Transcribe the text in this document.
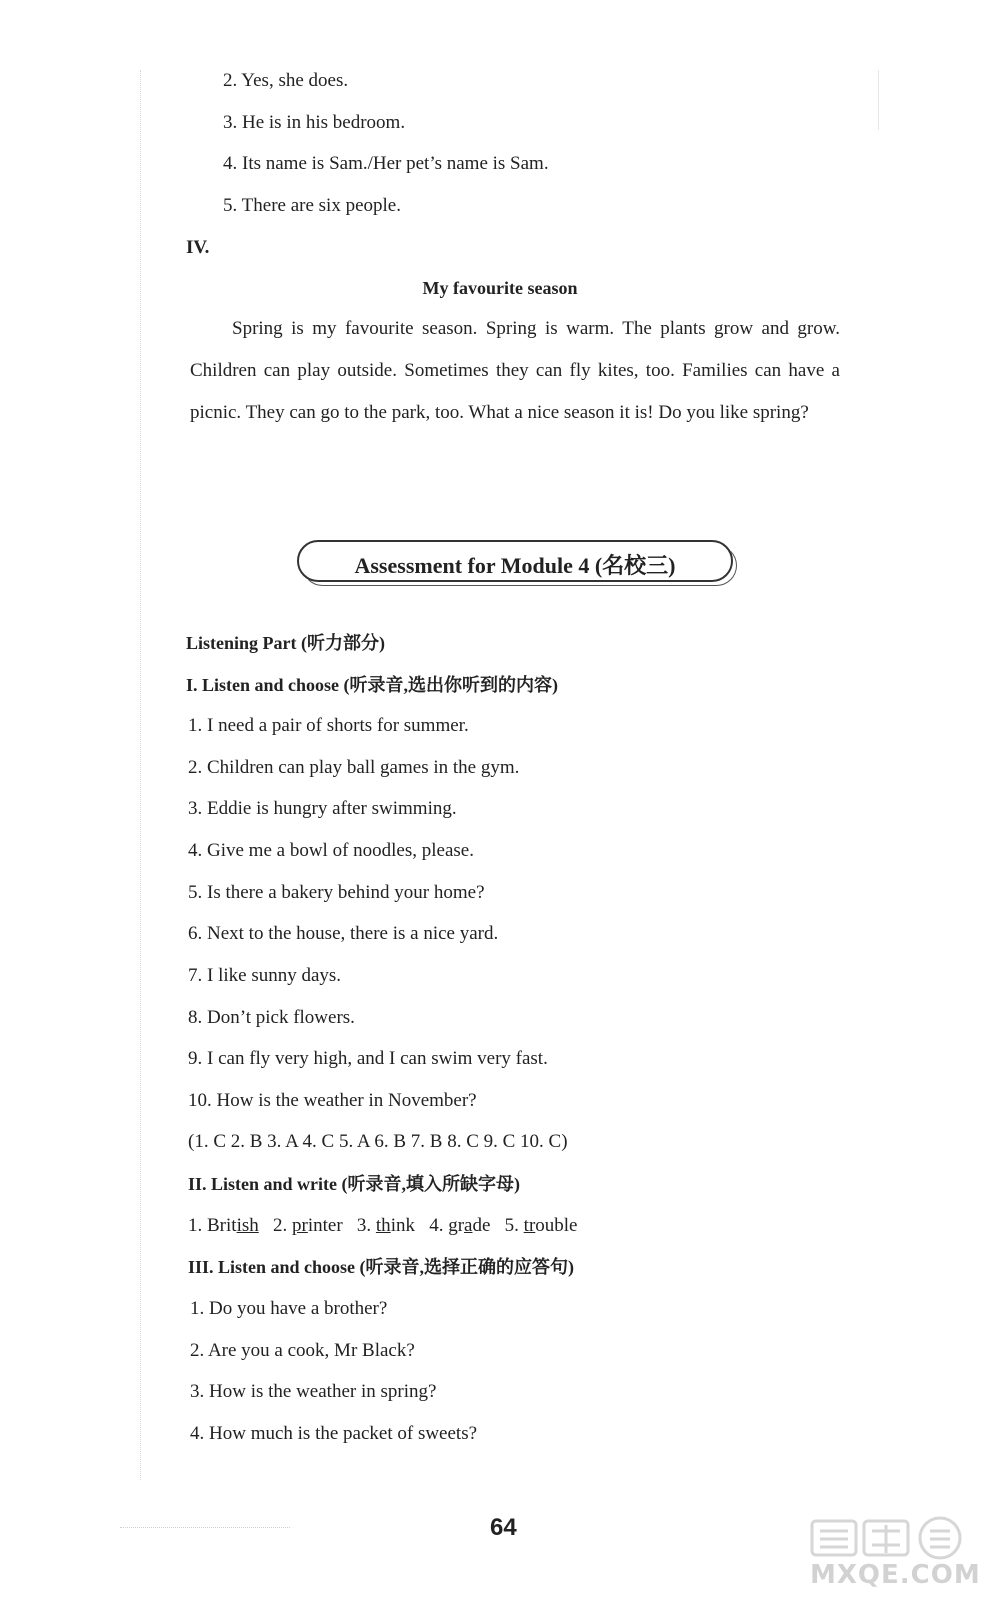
2. Yes, she does.
3. He is in his bedroom.
4. Its name is Sam./Her pet’s name is Sam.
5. There are six people.
IV.
My favourite season
Spring is my favourite season. Spring is warm. The plants grow and grow. Children can play outside. Sometimes they can fly kites, too. Families can have a picnic. They can go to the park, too. What a nice season it is! Do you like spring?
Assessment for Module 4 (名校三)
Listening Part (听力部分)
I. Listen and choose (听录音,选出你听到的内容)
1. I need a pair of shorts for summer.
2. Children can play ball games in the gym.
3. Eddie is hungry after swimming.
4. Give me a bowl of noodles, please.
5. Is there a bakery behind your home?
6. Next to the house, there is a nice yard.
7. I like sunny days.
8. Don’t pick flowers.
9. I can fly very high, and I can swim very fast.
10. How is the weather in November?
(1. C 2. B 3. A 4. C 5. A 6. B 7. B 8. C 9. C 10. C)
II. Listen and write (听录音,填入所缺字母)
1. British 2. printer 3. think 4. grade 5. trouble
III. Listen and choose (听录音,选择正确的应答句)
1. Do you have a brother?
2. Are you a cook, Mr Black?
3. How is the weather in spring?
4. How much is the packet of sweets?
64
MXQE.COM
